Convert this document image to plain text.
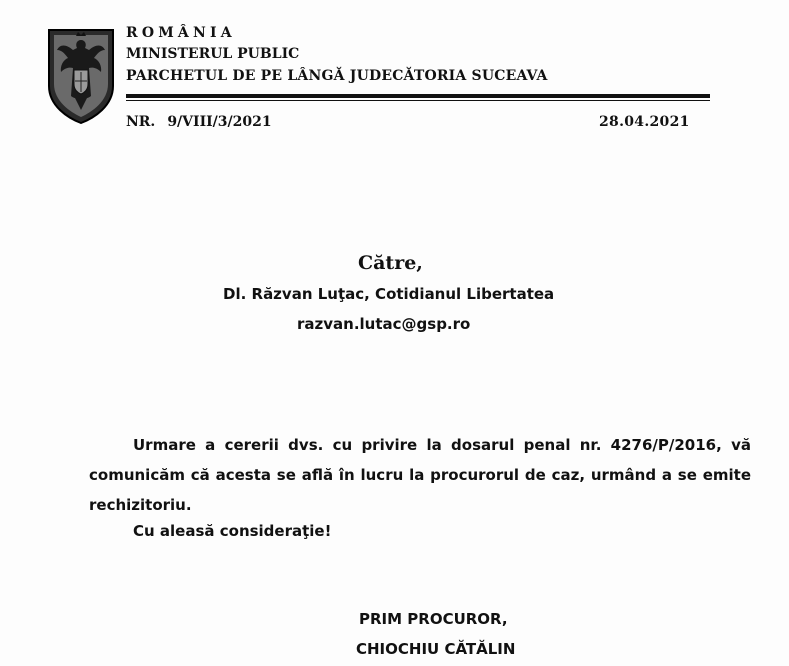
ROMÂNIA
MINISTERUL PUBLIC
PARCHETUL DE PE LÂNGĂ JUDECĂTORIA SUCEAVA
NR. 9/VIII/3/2021	28.04.2021
Către,
Dl. Răzvan Luţac, Cotidianul Libertatea
razvan.lutac@gsp.ro
Urmare a cererii dvs. cu privire la dosarul penal nr. 4276/P/2016, vă comunicăm că acesta se află în lucru la procurorul de caz, urmând a se emite rechizitoriu.
Cu aleasă consideraţie!
PRIM PROCUROR,
CHIOCHIU CĂTĂLIN
